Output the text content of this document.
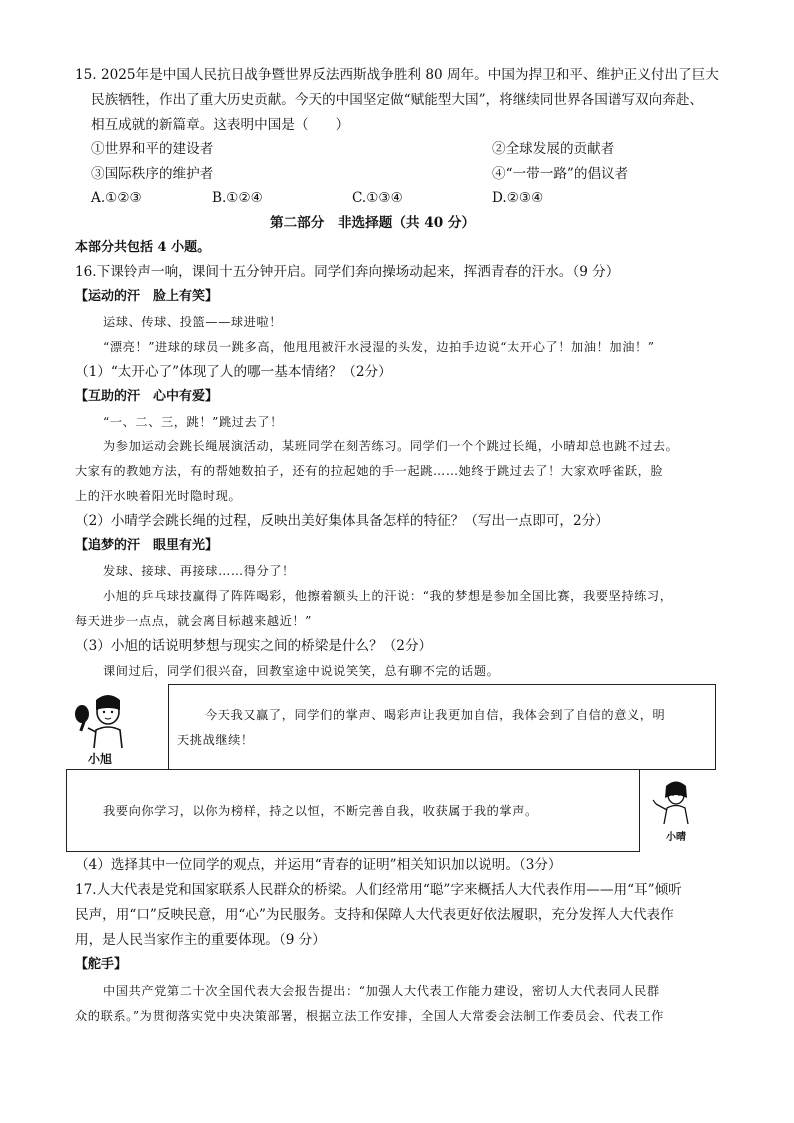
15. 2025年是中国人民抗日战争暨世界反法西斯战争胜利 80 周年。中国为捍卫和平、维护正义付出了巨大
民族牺牲，作出了重大历史贡献。今天的中国坚定做“赋能型大国”，将继续同世界各国谱写双向奔赴、
相互成就的新篇章。这表明中国是（　　）
①世界和平的建设者	②全球发展的贡献者
③国际秩序的维护者	④“一带一路”的倡议者
A.①②③	B.①②④	C.①③④	D.②③④
第二部分　非选择题（共 40 分）
本部分共包括 4 小题。
16.下课铃声一响，课间十五分钟开启。同学们奔向操场动起来，挥洒青春的汗水。（9 分）
【运动的汗　脸上有笑】
运球、传球、投篮——球进啦！
“漂亮！”进球的球员一跳多高，他甩甩被汗水浸湿的头发，边拍手边说“太开心了！加油！加油！”
（1）“太开心了”体现了人的哪一基本情绪？（2分）
【互助的汗　心中有爱】
“一、二、三，跳！”跳过去了！
为参加运动会跳长绳展演活动，某班同学在刻苦练习。同学们一个个跳过长绳，小晴却总也跳不过去。
大家有的教她方法，有的帮她数拍子，还有的拉起她的手一起跳……她终于跳过去了！大家欢呼雀跃，脸
上的汗水映着阳光时隐时现。
（2）小晴学会跳长绳的过程，反映出美好集体具备怎样的特征？（写出一点即可，2分）
【追梦的汗　眼里有光】
发球、接球、再接球……得分了！
小旭的乒乓球技赢得了阵阵喝彩，他擦着额头上的汗说：“我的梦想是参加全国比赛，我要坚持练习，
每天进步一点点，就会离目标越来越近！”
（3）小旭的话说明梦想与现实之间的桥梁是什么？（2分）
课间过后，同学们很兴奋，回教室途中说说笑笑，总有聊不完的话题。
小旭
今天我又赢了，同学们的掌声、喝彩声让我更加自信，我体会到了自信的意义，明
天挑战继续！
我要向你学习，以你为榜样，持之以恒，不断完善自我，收获属于我的掌声。
小晴
（4）选择其中一位同学的观点，并运用“青春的证明”相关知识加以说明。（3分）
17.人大代表是党和国家联系人民群众的桥梁。人们经常用“聪”字来概括人大代表作用——用“耳”倾听
民声，用“口”反映民意，用“心”为民服务。支持和保障人大代表更好依法履职，充分发挥人大代表作
用，是人民当家作主的重要体现。（9 分）
【舵手】
中国共产党第二十次全国代表大会报告提出：“加强人大代表工作能力建设，密切人大代表同人民群
众的联系。”为贯彻落实党中央决策部署，根据立法工作安排，全国人大常委会法制工作委员会、代表工作
